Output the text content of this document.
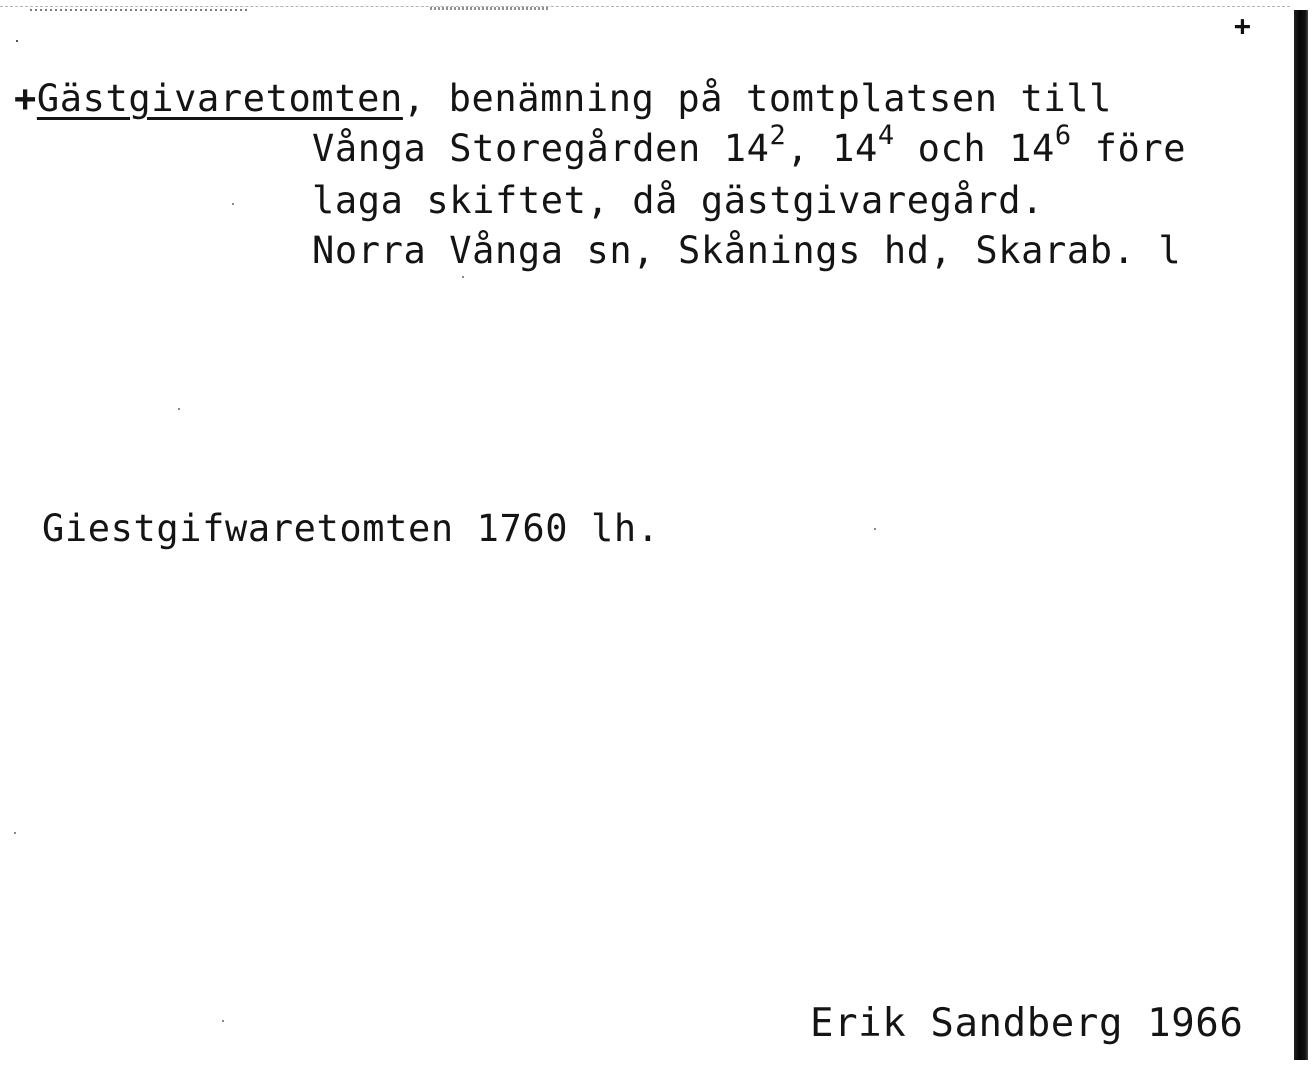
+
+Gästgivaretomten, benämning på tomtplatsen till
Vånga Storegården $14^2$, $14^4$ och $14^6$ före
laga skiftet, då gästgivaregård.
Norra Vånga sn, Skånings hd, Skarab. l
Giestgifwaretomten 1760 lh.
Erik Sandberg 1966
